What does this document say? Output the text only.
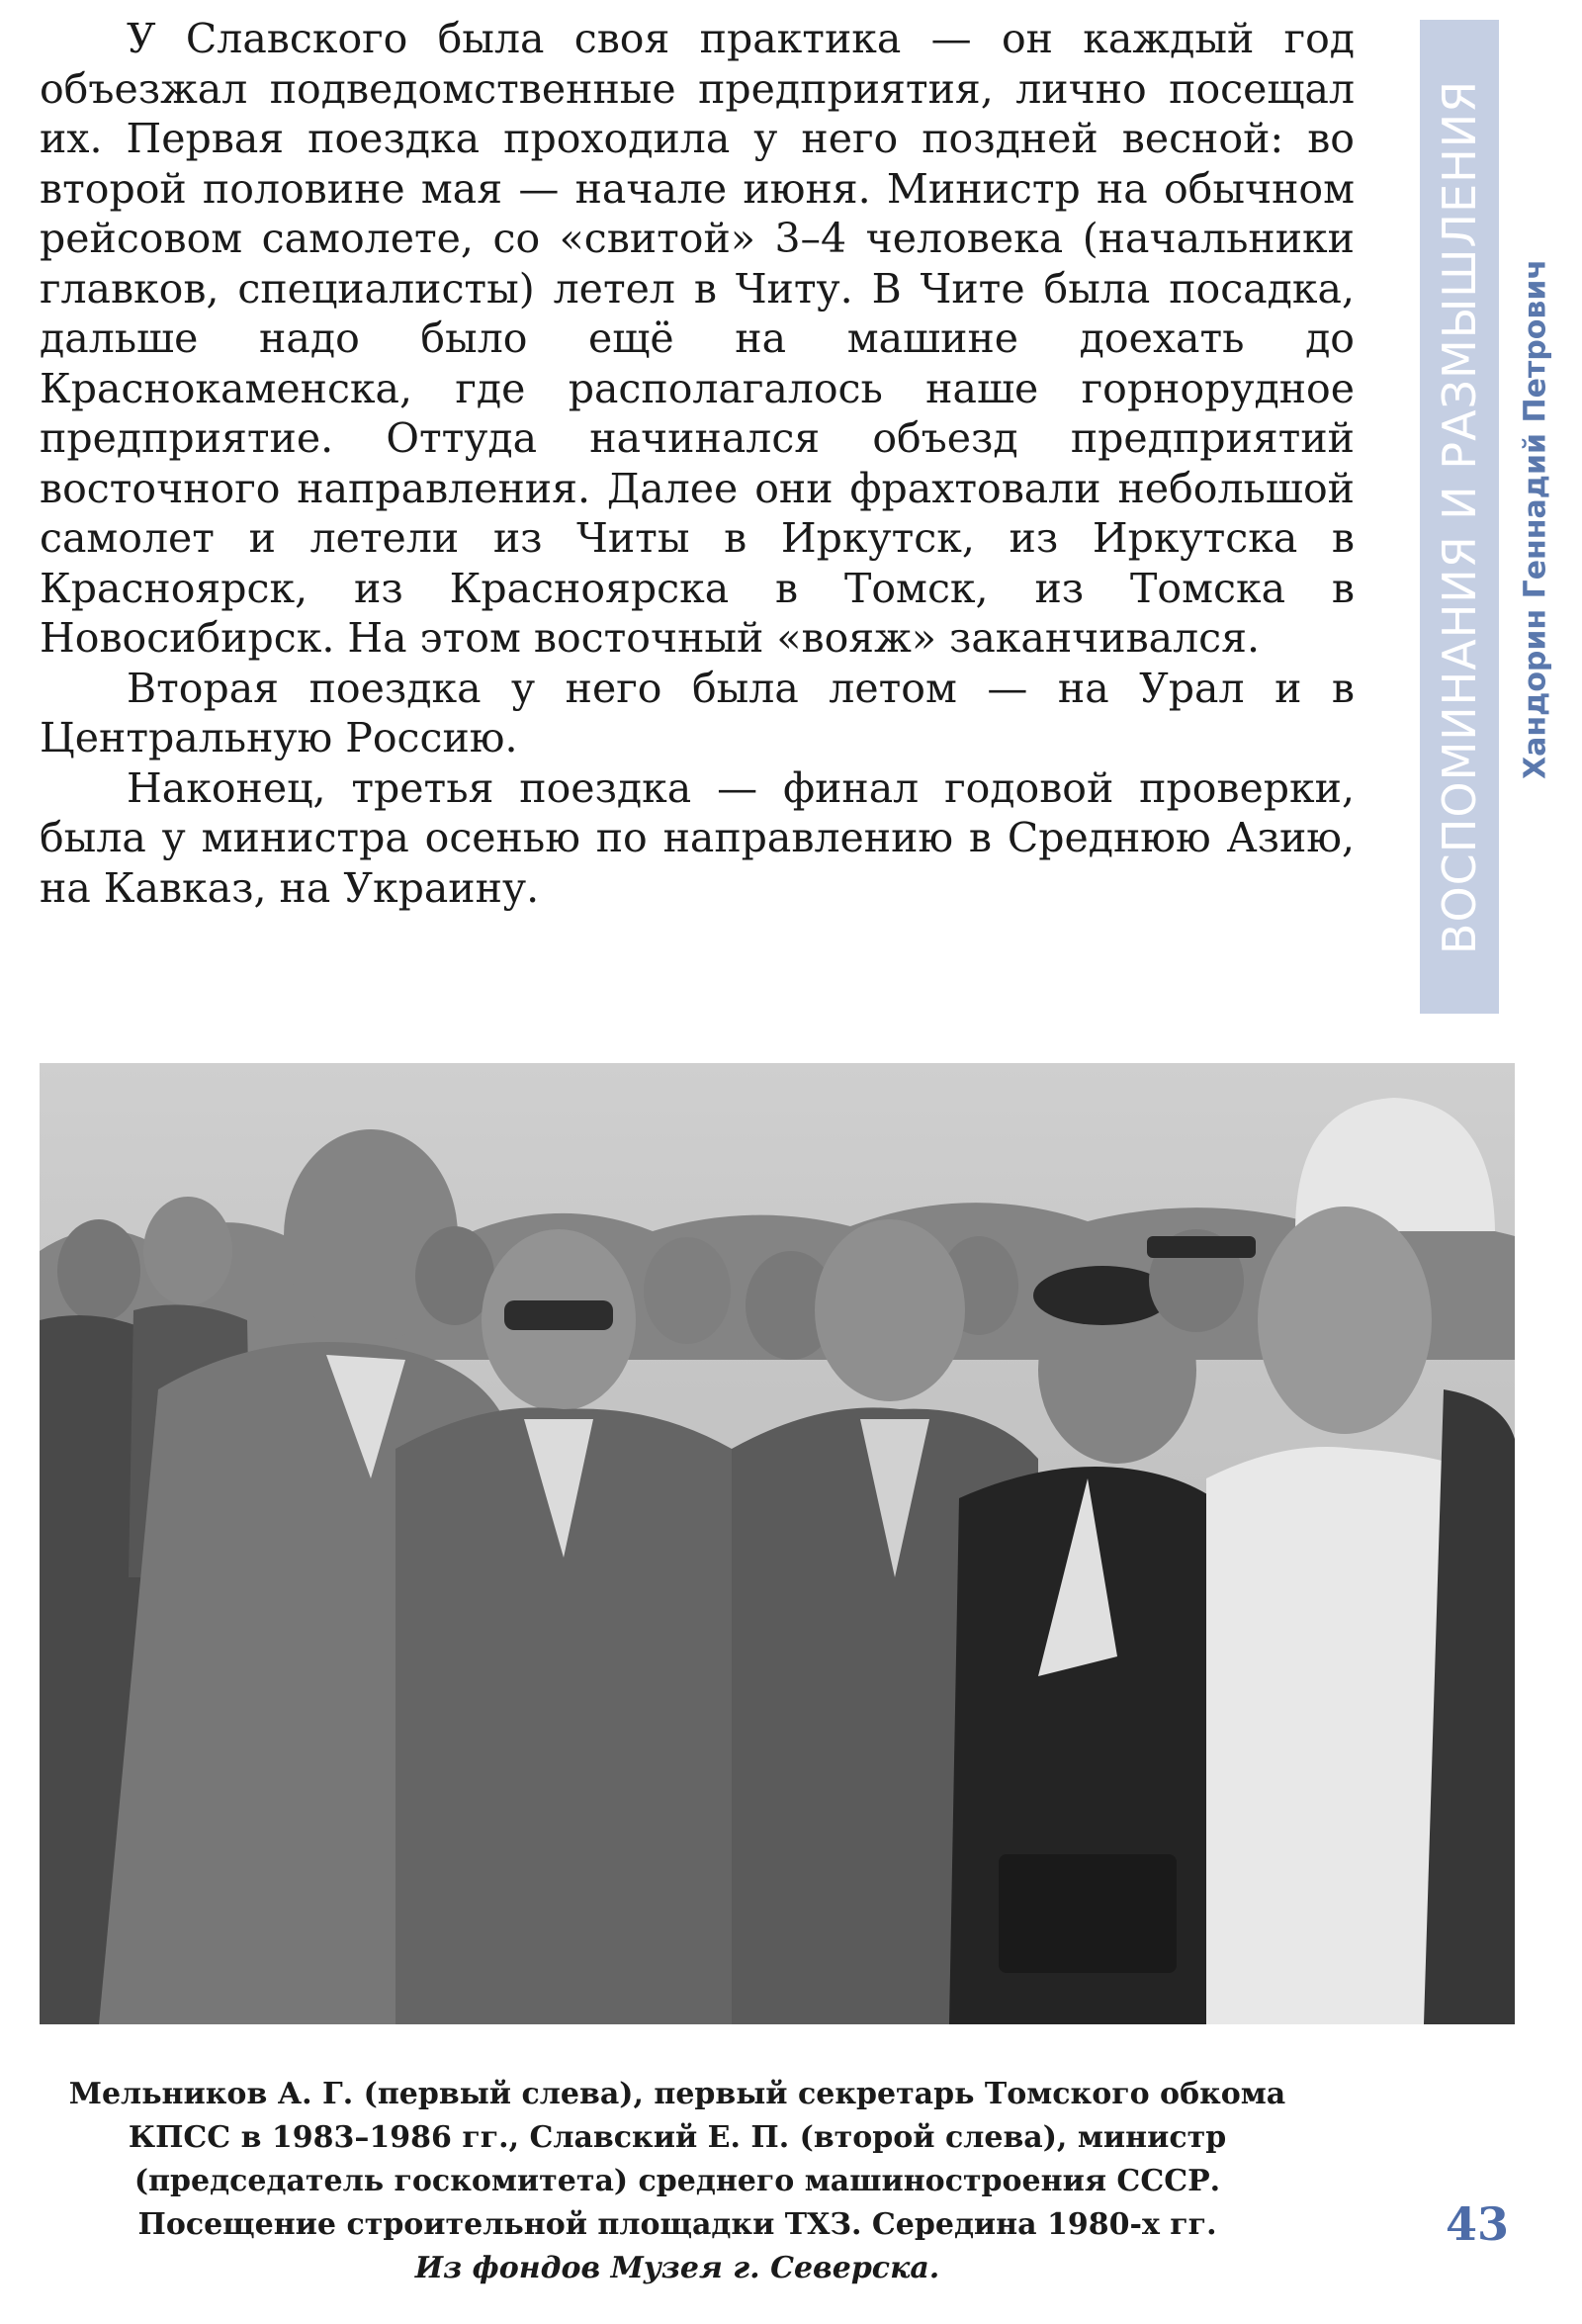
У Славского была своя практика — он каждый год объезжал подведомственные предприятия, лично посещал их. Первая поездка проходила у него поздней весной: во второй половине мая — начале июня. Министр на обычном рейсовом самолете, со «свитой» 3–4 человека (начальники главков, специалисты) летел в Читу. В Чите была посадка, дальше надо было ещё на машине доехать до Краснокаменска, где располагалось наше горнорудное предприятие. Оттуда начинался объезд предприятий восточного направления. Далее они фрахтовали небольшой самолет и летели из Читы в Иркутск, из Иркутска в Красноярск, из Красноярска в Томск, из Томска в Новосибирск. На этом восточный «вояж» заканчивался.

Вторая поездка у него была летом — на Урал и в Центральную Россию.

Наконец, третья поездка — финал годовой проверки, была у министра осенью по направлению в Среднюю Азию, на Кавказ, на Украину.	ВОСПОМИНАНИЯ И РАЗМЫШЛЕНИЯ Хандорин Геннадий Петрович
Мельников А. Г. (первый слева), первый секретарь Томского обкома
КПСС в 1983–1986 гг., Славский Е. П. (второй слева), министр
(председатель госкомитета) среднего машиностроения СССР.
Посещение строительной площадки ТХЗ. Середина 1980-х гг.
Из фондов Музея г. Северска.
43
